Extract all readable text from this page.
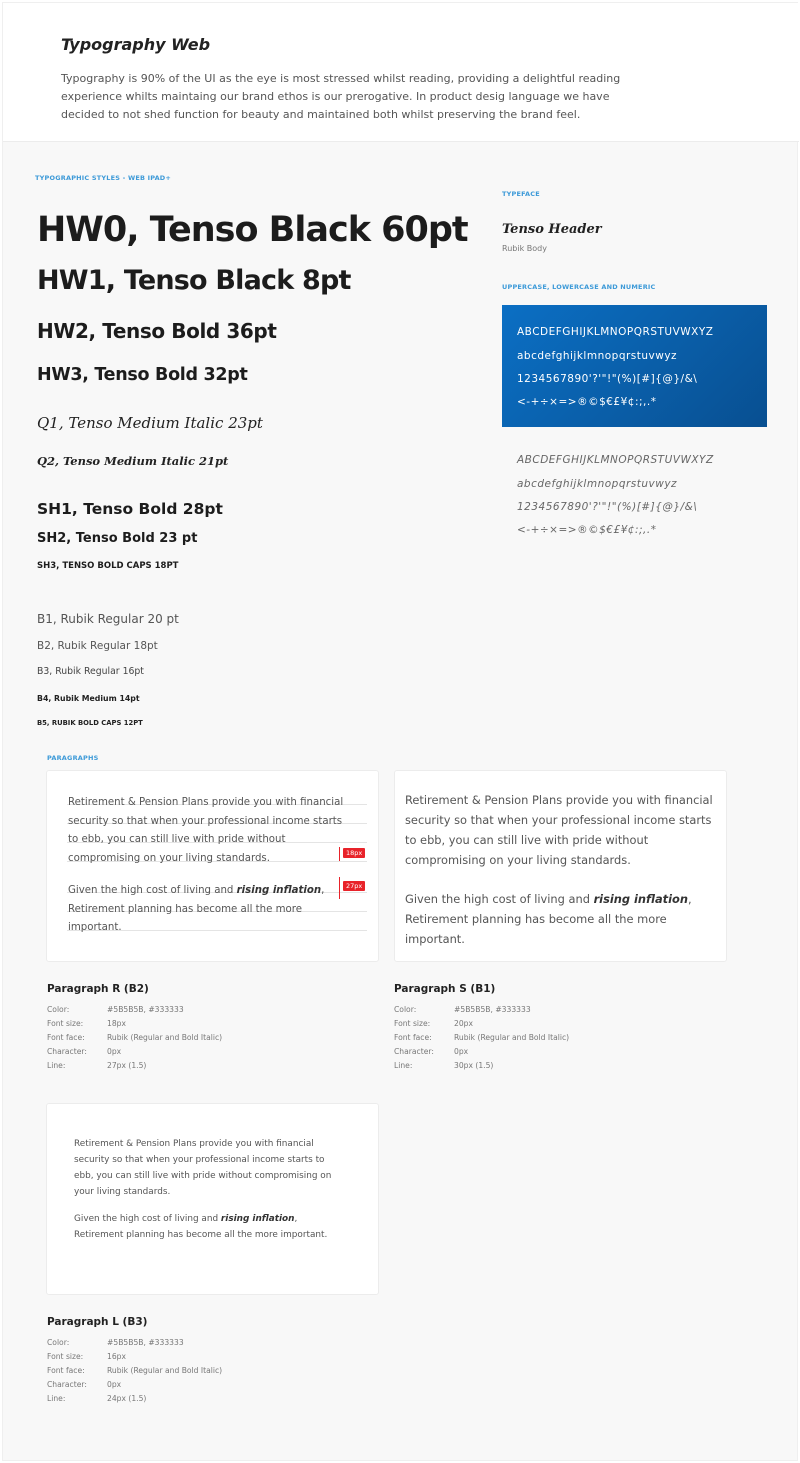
Typography Web
Typography is 90% of the UI as the eye is most stressed whilst reading, providing a delightful reading experience whilts maintaing our brand ethos is our prerogative. In product desig language we have decided to not shed function for beauty and maintained both whilst preserving the brand feel.
TYPOGRAPHIC STYLES - WEB IPAD+
HW0, Tenso Black 60pt
HW1, Tenso Black 8pt
HW2, Tenso Bold 36pt
HW3, Tenso Bold 32pt
Q1, Tenso Medium Italic 23pt
Q2, Tenso Medium Italic 21pt
SH1, Tenso Bold 28pt
SH2, Tenso Bold 23 pt
SH3, TENSO BOLD CAPS 18PT
B1, Rubik Regular 20 pt
B2, Rubik Regular 18pt
B3, Rubik Regular 16pt
B4, Rubik Medium 14pt
B5, RUBIK BOLD CAPS 12PT
TYPEFACE
Tenso Header
Rubik Body
UPPERCASE, LOWERCASE AND NUMERIC
ABCDEFGHIJKLMNOPQRSTUVWXYZ
abcdefghijklmnopqrstuvwyz
1234567890'?'"!"(%)[#]{@}/&\
<-+÷×=>®©$€£¥¢:;,.*
ABCDEFGHIJKLMNOPQRSTUVWXYZ
abcdefghijklmnopqrstuvwyz
1234567890'?'"!"(%)[#]{@}/&\
<-+÷×=>®©$€£¥¢:;,.*
PARAGRAPHS
Retirement & Pension Plans provide you with financial security so that when your professional income starts to ebb, you can still live with pride without compromising on your living standards.
Given the high cost of living and rising inflation, Retirement planning has become all the more important.
18px
27px
Retirement & Pension Plans provide you with financial security so that when your professional income starts to ebb, you can still live with pride without compromising on your living standards.
Given the high cost of living and rising inflation, Retirement planning has become all the more important.
Paragraph R (B2)
Color:	#5B5B5B, #333333
Font size:	18px
Font face:	Rubik (Regular and Bold Italic)
Character:	0px
Line:	27px (1.5)
Paragraph S (B1)
Color:	#5B5B5B, #333333
Font size:	20px
Font face:	Rubik (Regular and Bold Italic)
Character:	0px
Line:	30px (1.5)
Retirement & Pension Plans provide you with financial security so that when your professional income starts to ebb, you can still live with pride without compromising on your living standards.
Given the high cost of living and rising inflation, Retirement planning has become all the more important.
Paragraph L (B3)
Color:	#5B5B5B, #333333
Font size:	16px
Font face:	Rubik (Regular and Bold Italic)
Character:	0px
Line:	24px (1.5)
